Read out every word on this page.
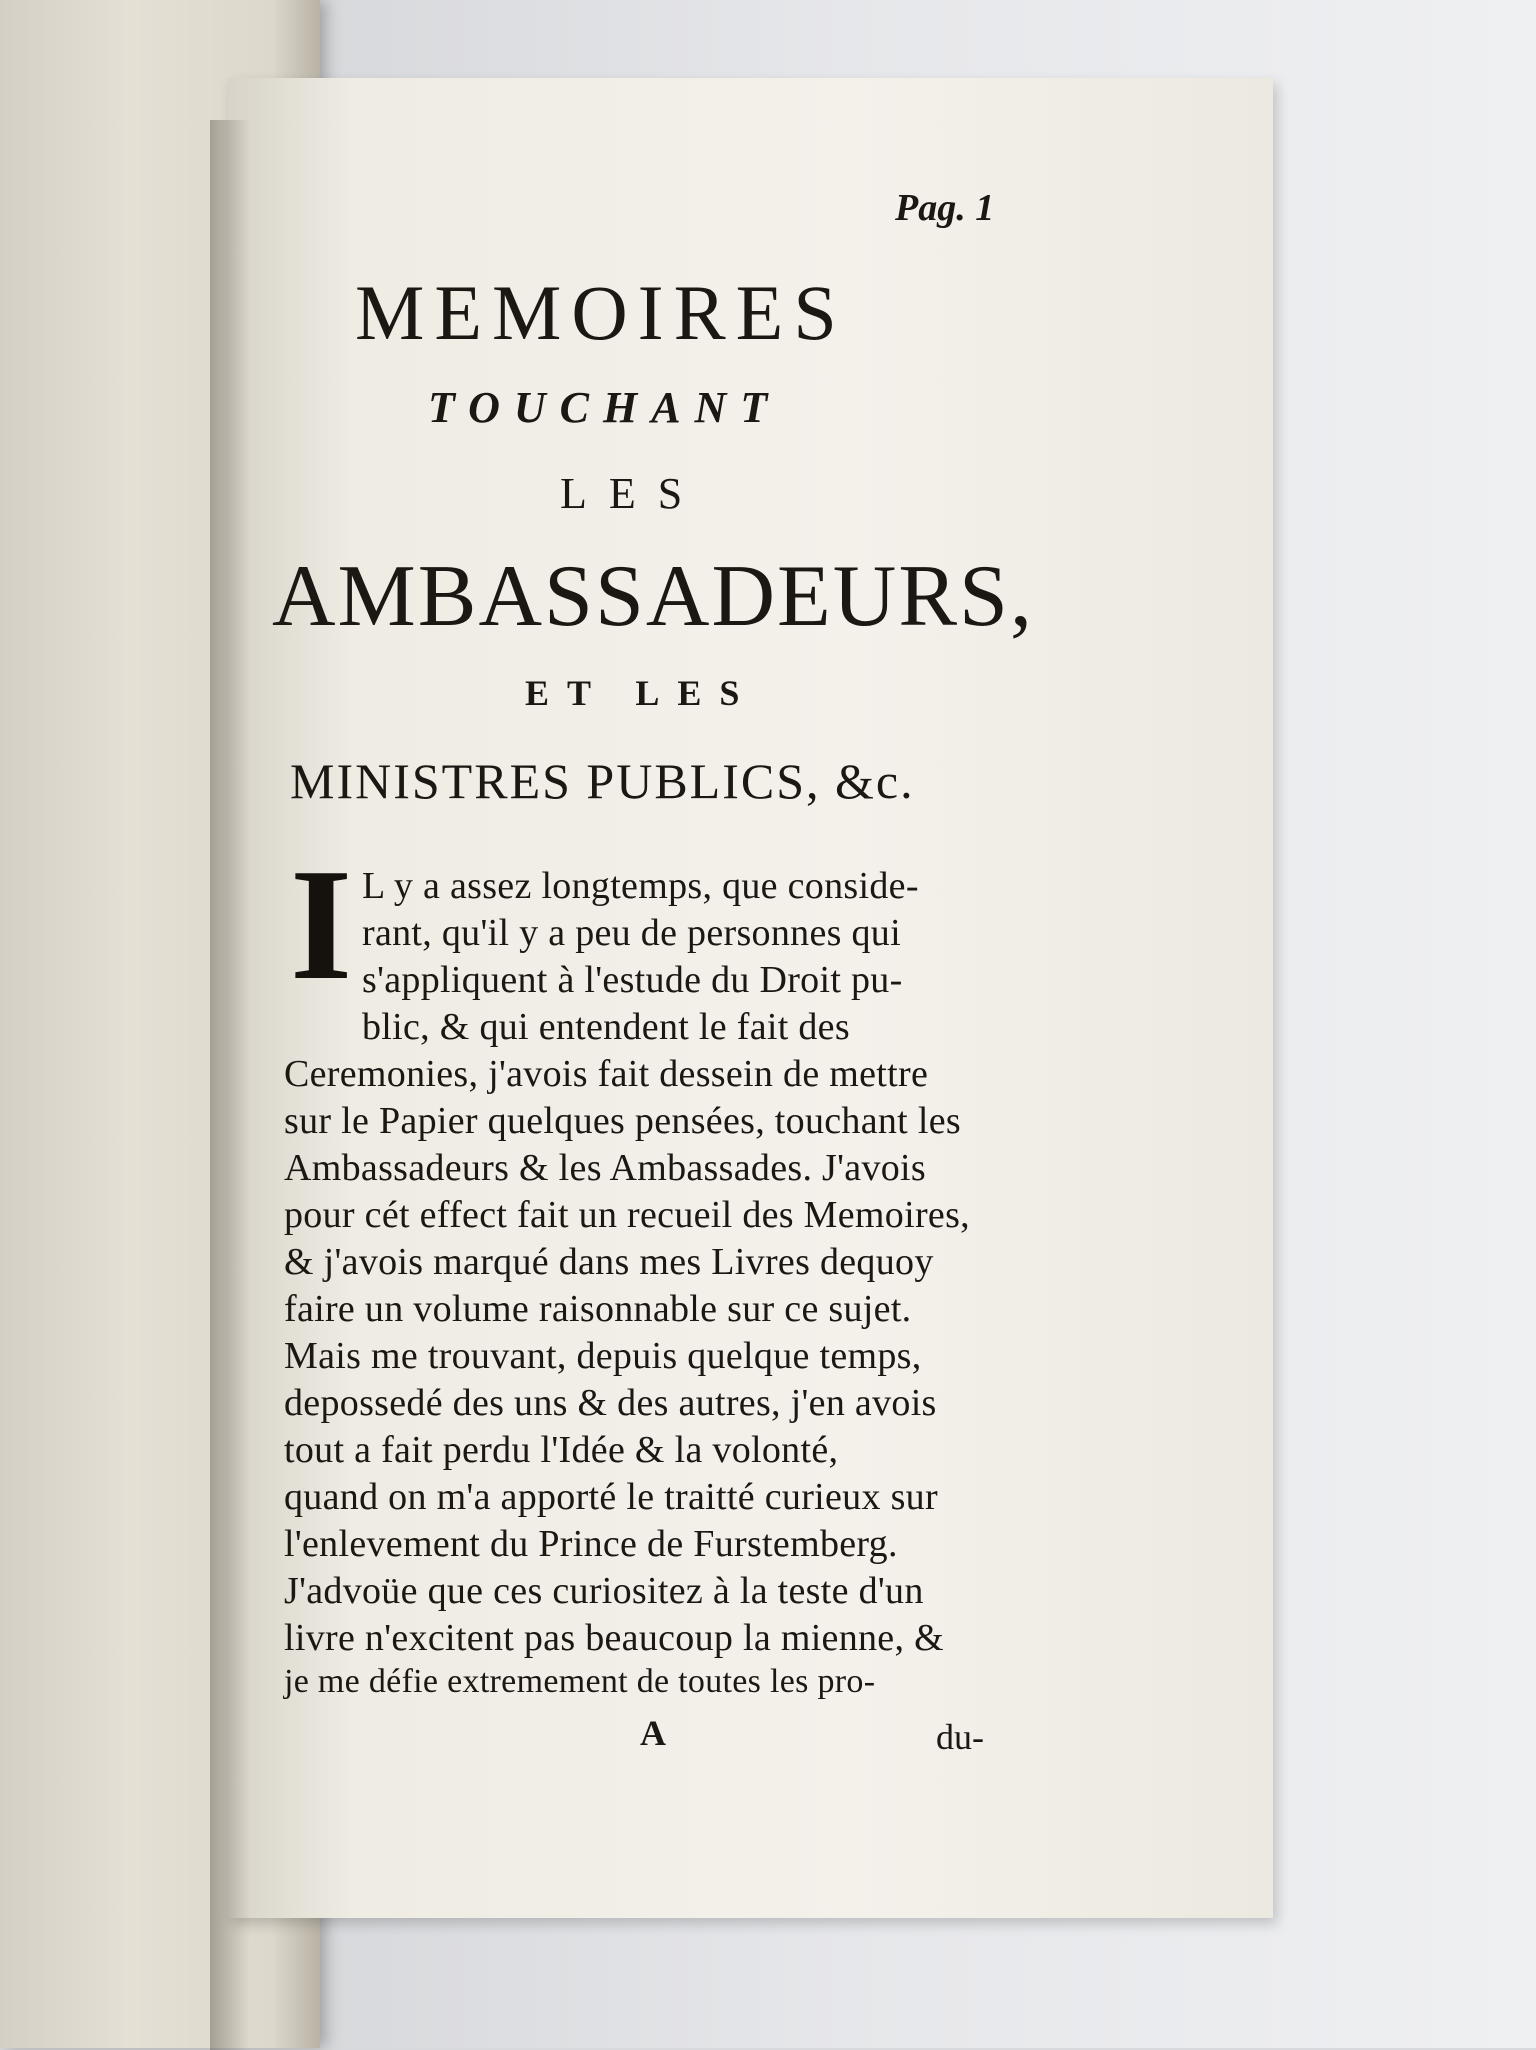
Pag. 1
MEMOIRES
TOUCHANT
LES
AMBASSADEURS,
ET LES
MINISTRES PUBLICS, &c.
I L y a assez longtemps, que conside-
rant, qu'il y a peu de personnes qui
s'appliquent à l'estude du Droit pu-
blic, & qui entendent le fait des
Ceremonies, j'avois fait dessein de mettre
sur le Papier quelques pensées, touchant les
Ambassadeurs & les Ambassades. J'avois
pour cét effect fait un recueil des Memoires,
& j'avois marqué dans mes Livres dequoy
faire un volume raisonnable sur ce sujet.
Mais me trouvant, depuis quelque temps,
depossedé des uns & des autres, j'en avois
tout a fait perdu l'Idée & la volonté,
quand on m'a apporté le traitté curieux sur
l'enlevement du Prince de Furstemberg.
J'advoüe que ces curiositez à la teste d'un
livre n'excitent pas beaucoup la mienne, &
je me défie extremement de toutes les pro-
A	du-
